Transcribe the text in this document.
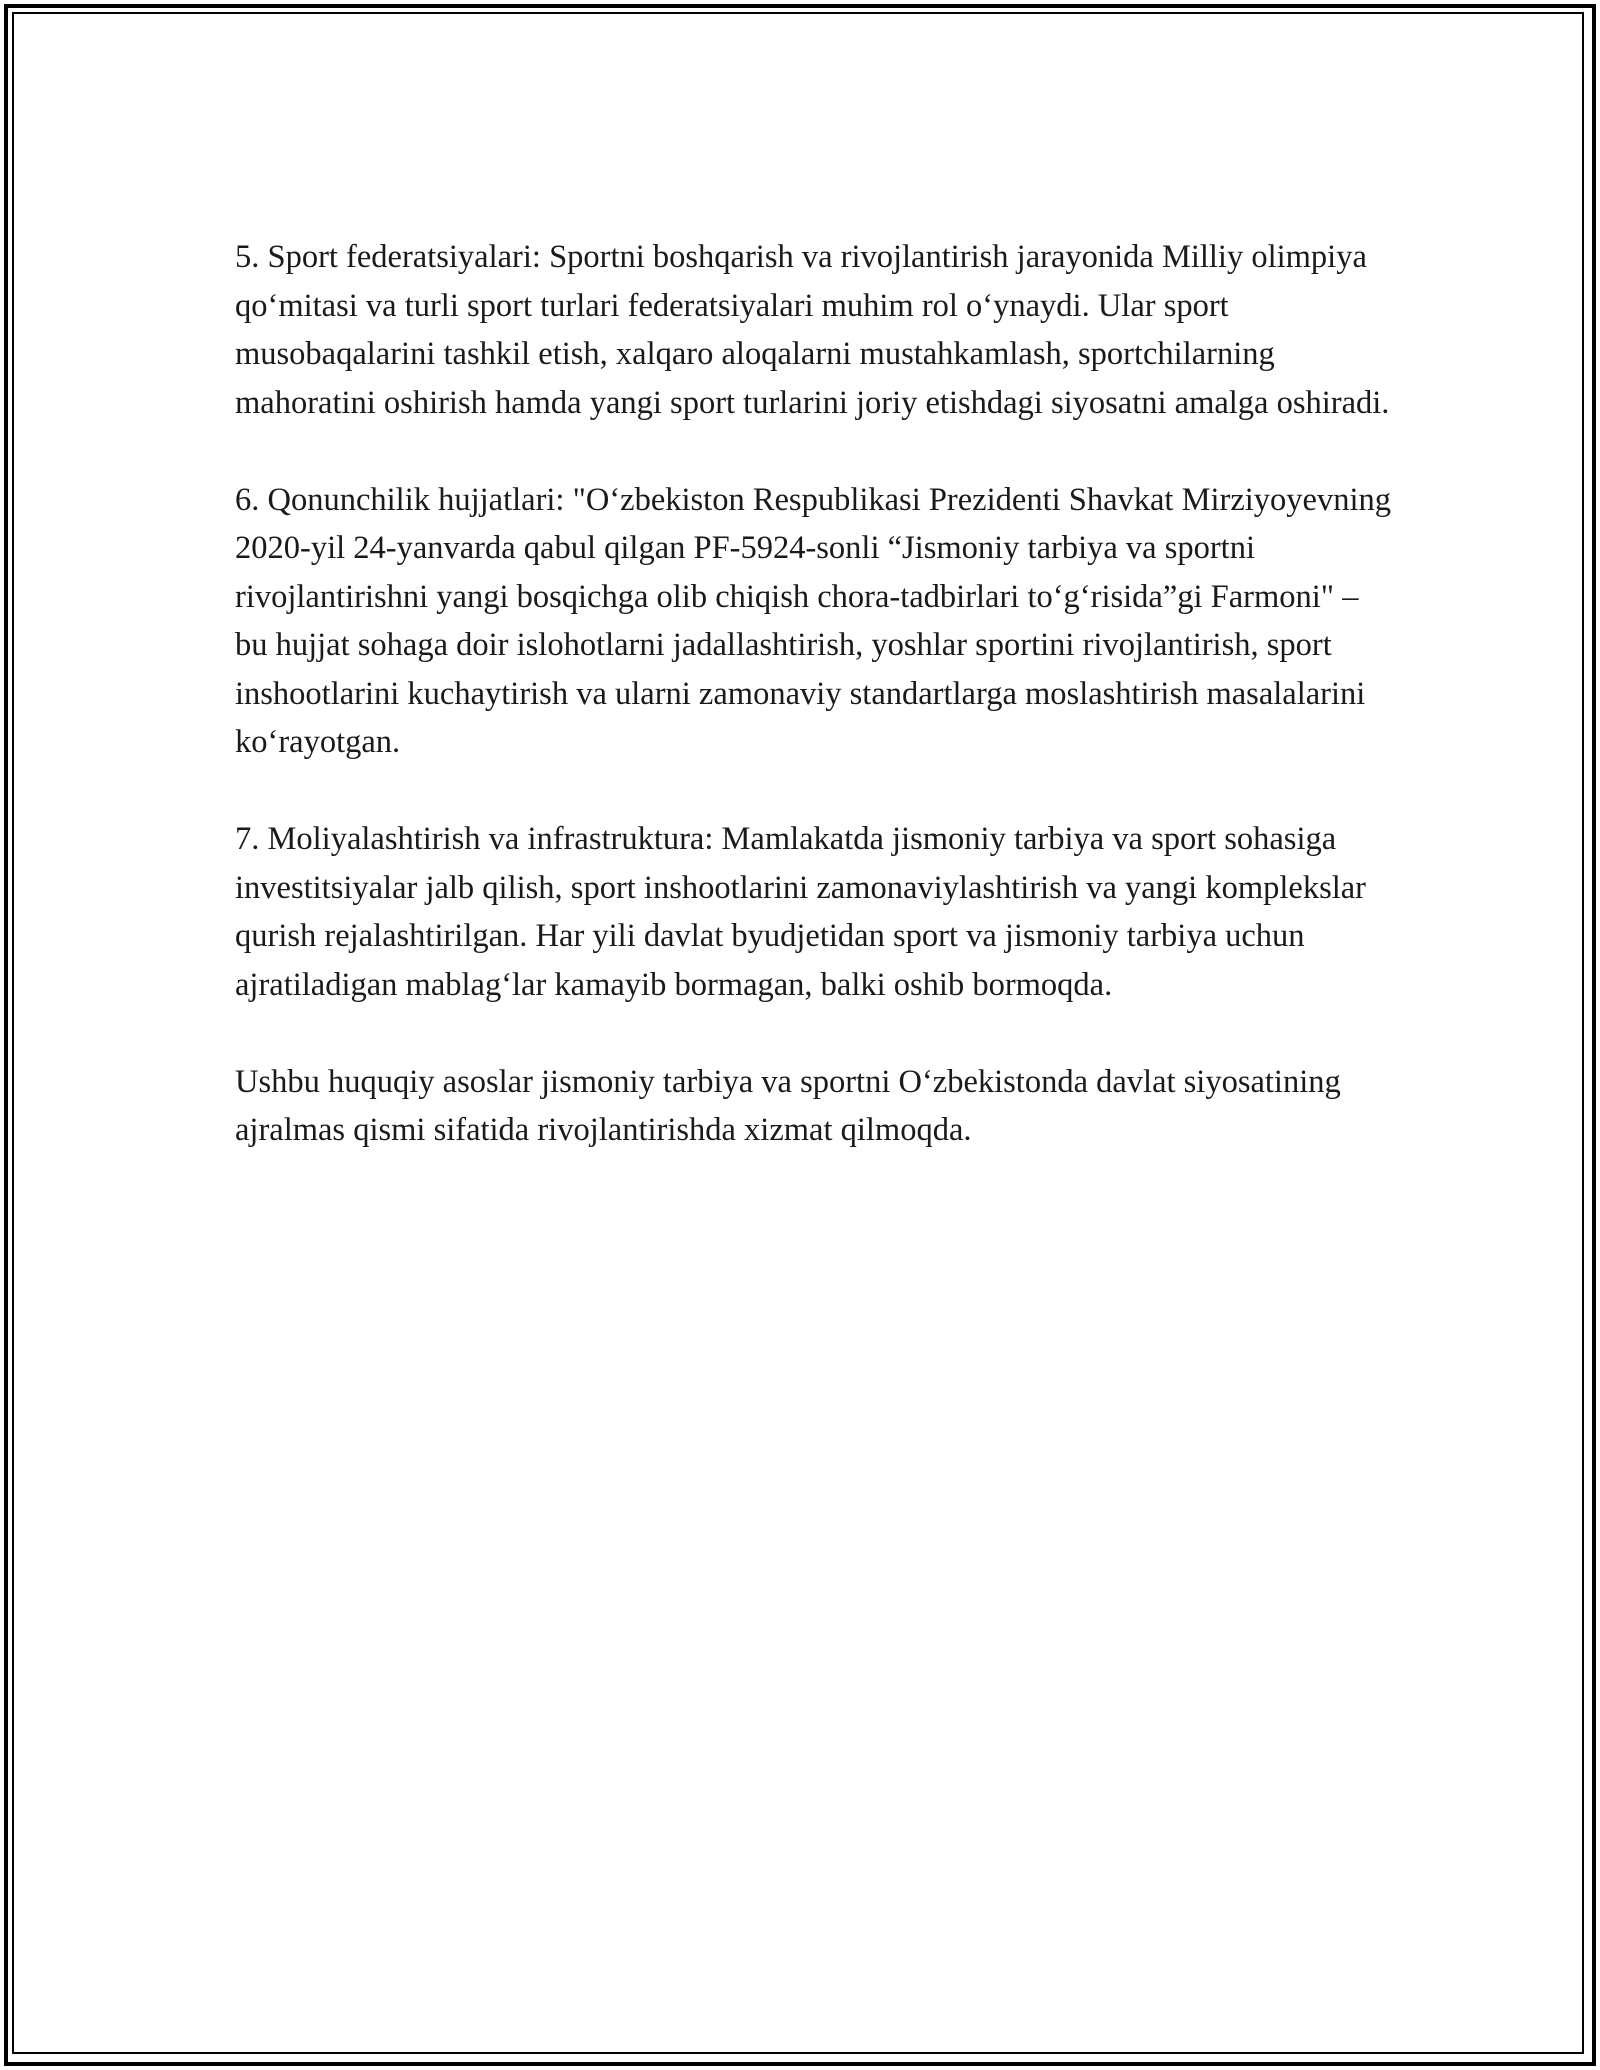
5. Sport federatsiyalari: Sportni boshqarish va rivojlantirish jarayonida Milliy olimpiya qo‘mitasi va turli sport turlari federatsiyalari muhim rol o‘ynaydi. Ular sport musobaqalarini tashkil etish, xalqaro aloqalarni mustahkamlash, sportchilarning mahoratini oshirish hamda yangi sport turlarini joriy etishdagi siyosatni amalga oshiradi.

6. Qonunchilik hujjatlari: "O‘zbekiston Respublikasi Prezidenti Shavkat Mirziyoyevning 2020-yil 24-yanvarda qabul qilgan PF-5924-sonli “Jismoniy tarbiya va sportni rivojlantirishni yangi bosqichga olib chiqish chora-tadbirlari to‘g‘risida”gi Farmoni" – bu hujjat sohaga doir islohotlarni jadallashtirish, yoshlar sportini rivojlantirish, sport inshootlarini kuchaytirish va ularni zamonaviy standartlarga moslashtirish masalalarini ko‘rayotgan.

7. Moliyalashtirish va infrastruktura: Mamlakatda jismoniy tarbiya va sport sohasiga investitsiyalar jalb qilish, sport inshootlarini zamonaviylashtirish va yangi komplekslar qurish rejalashtirilgan. Har yili davlat byudjetidan sport va jismoniy tarbiya uchun ajratiladigan mablag‘lar kamayib bormagan, balki oshib bormoqda.

Ushbu huquqiy asoslar jismoniy tarbiya va sportni O‘zbekistonda davlat siyosatining ajralmas qismi sifatida rivojlantirishda xizmat qilmoqda.
